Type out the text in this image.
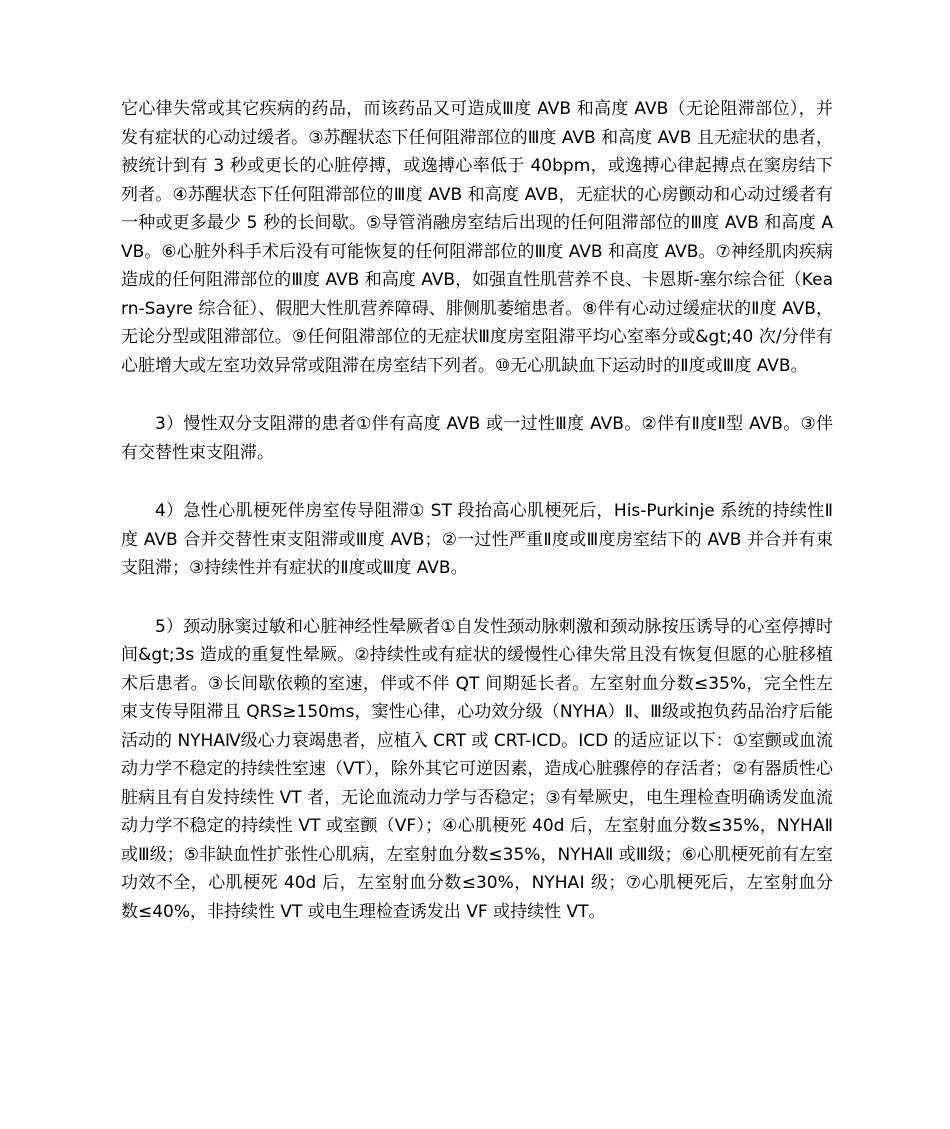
它心律失常或其它疾病的药品，而该药品又可造成Ⅲ度 AVB 和高度 AVB（无论阻滞部位），并发有症状的心动过缓者。③苏醒状态下任何阻滞部位的Ⅲ度 AVB 和高度 AVB 且无症状的患者，被统计到有 3 秒或更长的心脏停搏，或逸搏心率低于 40bpm，或逸搏心律起搏点在窦房结下列者。④苏醒状态下任何阻滞部位的Ⅲ度 AVB 和高度 AVB，无症状的心房颤动和心动过缓者有一种或更多最少 5 秒的长间歇。⑤导管消融房室结后出现的任何阻滞部位的Ⅲ度 AVB 和高度 AVB。⑥心脏外科手术后没有可能恢复的任何阻滞部位的Ⅲ度 AVB 和高度 AVB。⑦神经肌肉疾病造成的任何阻滞部位的Ⅲ度 AVB 和高度 AVB，如强直性肌营养不良、卡恩斯-塞尔综合征（Kearn-Sayre 综合征）、假肥大性肌营养障碍、腓侧肌萎缩患者。⑧伴有心动过缓症状的Ⅱ度 AVB，无论分型或阻滞部位。⑨任何阻滞部位的无症状Ⅲ度房室阻滞平均心室率分或&gt;40 次/分伴有心脏增大或左室功效异常或阻滞在房室结下列者。⑩无心肌缺血下运动时的Ⅱ度或Ⅲ度 AVB。

3）慢性双分支阻滞的患者①伴有高度 AVB 或一过性Ⅲ度 AVB。②伴有Ⅱ度Ⅱ型 AVB。③伴有交替性束支阻滞。

4）急性心肌梗死伴房室传导阻滞① ST 段抬高心肌梗死后，His-Purkinje 系统的持续性Ⅱ度 AVB 合并交替性束支阻滞或Ⅲ度 AVB；②一过性严重Ⅱ度或Ⅲ度房室结下的 AVB 并合并有束支阻滞；③持续性并有症状的Ⅱ度或Ⅲ度 AVB。

5）颈动脉窦过敏和心脏神经性晕厥者①自发性颈动脉刺激和颈动脉按压诱导的心室停搏时间&gt;3s 造成的重复性晕厥。②持续性或有症状的缓慢性心律失常且没有恢复但愿的心脏移植术后患者。③长间歇依赖的室速，伴或不伴 QT 间期延长者。左室射血分数≤35%，完全性左束支传导阻滞且 QRS≥150ms，窦性心律，心功效分级（NYHA）Ⅱ、Ⅲ级或抱负药品治疗后能活动的 NYHAⅣ级心力衰竭患者，应植入 CRT 或 CRT-ICD。ICD 的适应证以下：①室颤或血流动力学不稳定的持续性室速（VT），除外其它可逆因素，造成心脏骤停的存活者；②有器质性心脏病且有自发持续性 VT 者，无论血流动力学与否稳定；③有晕厥史，电生理检查明确诱发血流动力学不稳定的持续性 VT 或室颤（VF）；④心肌梗死 40d 后，左室射血分数≤35%，NYHAⅡ 或Ⅲ级；⑤非缺血性扩张性心肌病，左室射血分数≤35%，NYHAⅡ 或Ⅲ级；⑥心肌梗死前有左室功效不全，心肌梗死 40d 后，左室射血分数≤30%，NYHAⅠ 级；⑦心肌梗死后，左室射血分数≤40%，非持续性 VT 或电生理检查诱发出 VF 或持续性 VT。
